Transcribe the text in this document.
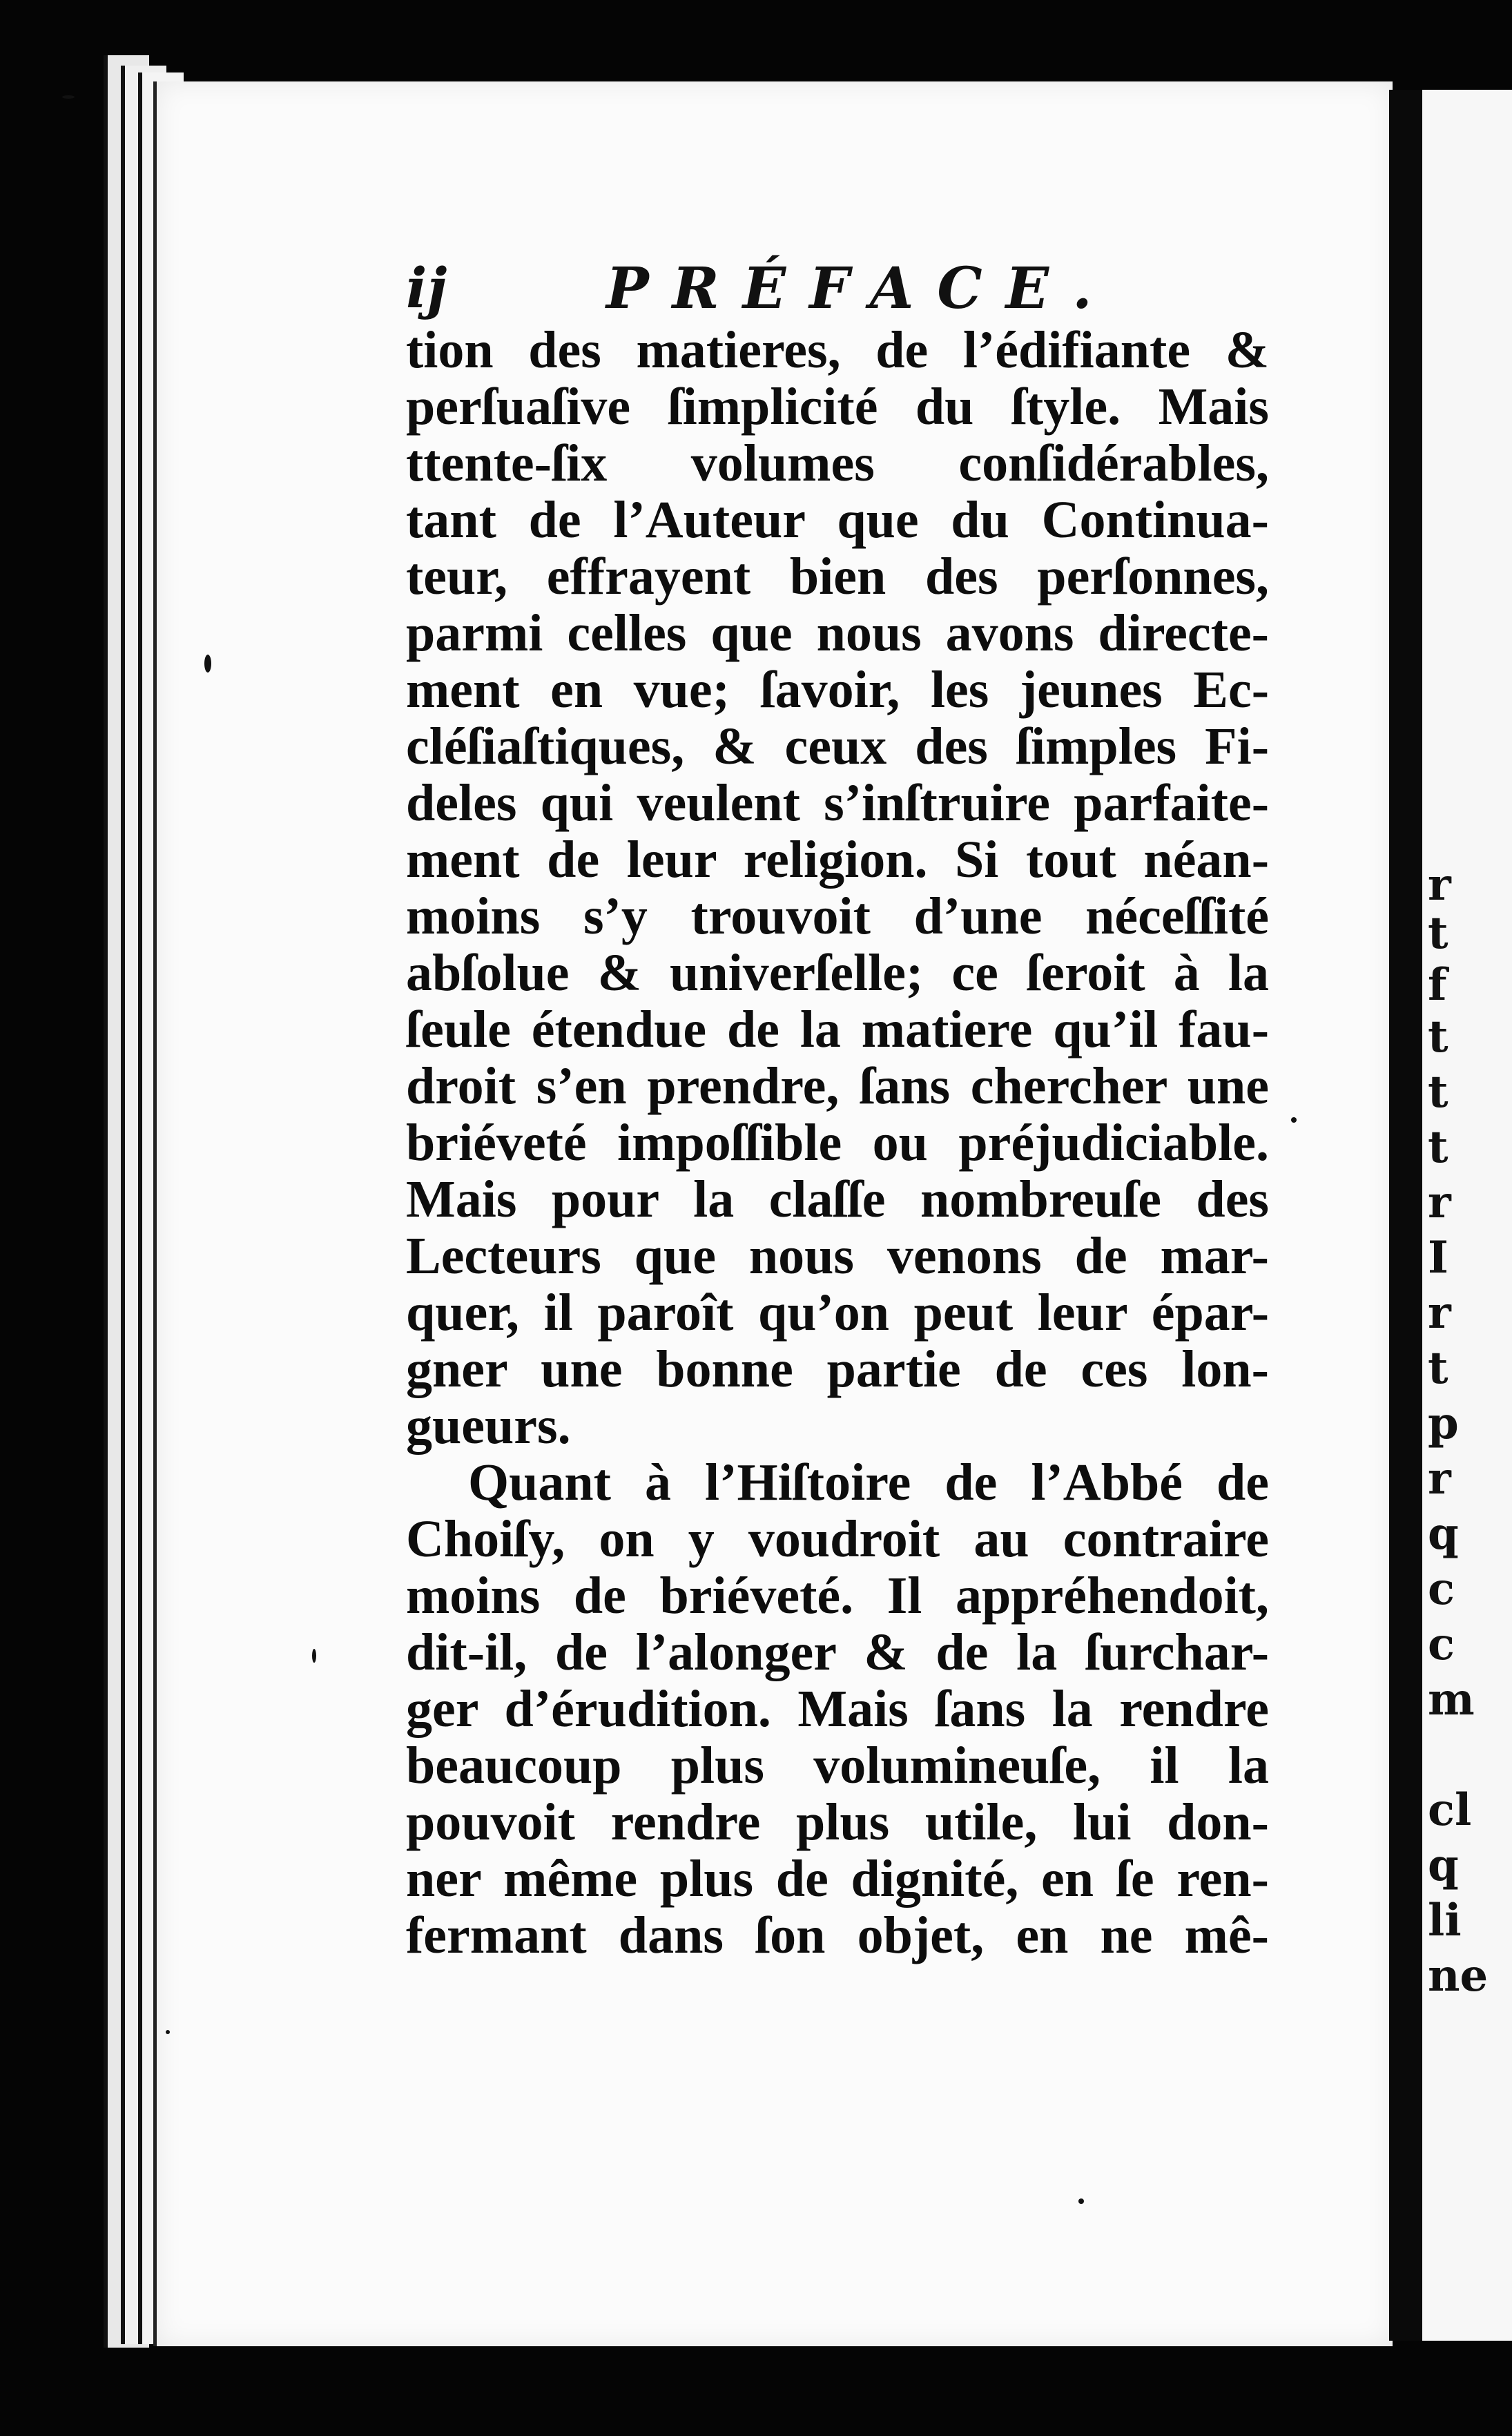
r
t
f
t
t
t
r
I
r
t
p
r
q
c
c
m
cl
q
li
ne
ij	PRÉFACE.
tion des matieres, de l’édifiante &
perſuaſive ſimplicité du ſtyle. Mais
ttente-ſix volumes conſidérables,
tant de l’Auteur que du Continua-
teur, effrayent bien des perſonnes,
parmi celles que nous avons directe-
ment en vue; ſavoir, les jeunes Ec-
cléſiaſtiques, & ceux des ſimples Fi-
deles qui veulent s’inſtruire parfaite-
ment de leur religion. Si tout néan-
moins s’y trouvoit d’une néceſſité
abſolue & univerſelle; ce ſeroit à la
ſeule étendue de la matiere qu’il fau-
droit s’en prendre, ſans chercher une
briéveté impoſſible ou préjudiciable.
Mais pour la claſſe nombreuſe des
Lecteurs que nous venons de mar-
quer, il paroît qu’on peut leur épar-
gner une bonne partie de ces lon-
gueurs.
Quant à l’Hiſtoire de l’Abbé de
Choiſy, on y voudroit au contraire
moins de briéveté. Il appréhendoit,
dit-il, de l’alonger & de la ſurchar-
ger d’érudition. Mais ſans la rendre
beaucoup plus volumineuſe, il la
pouvoit rendre plus utile, lui don-
ner même plus de dignité, en ſe ren-
fermant dans ſon objet, en ne mê-
